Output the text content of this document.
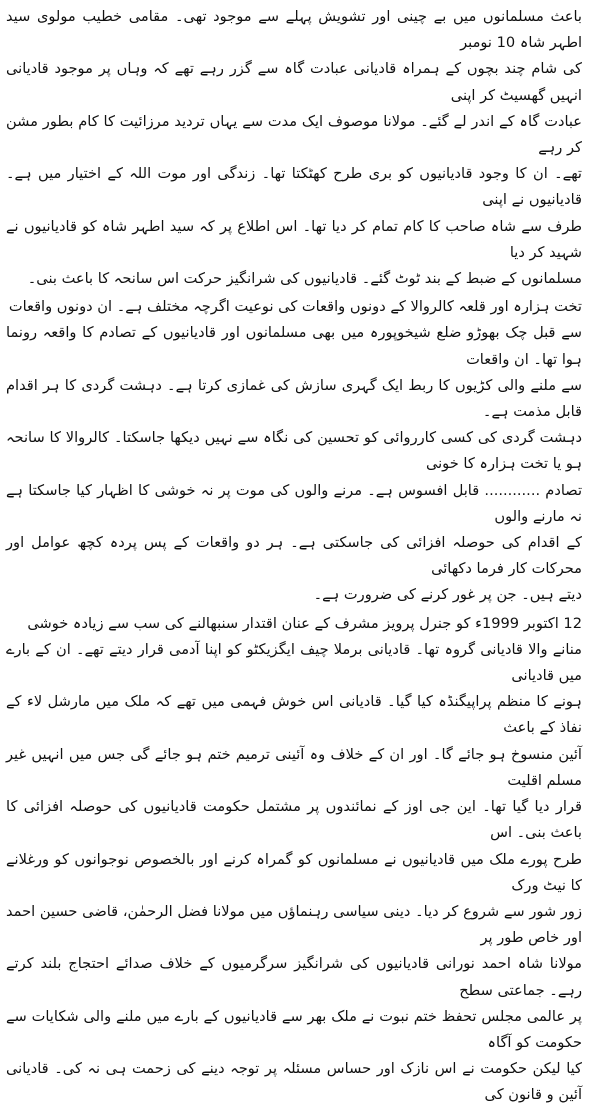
باعث مسلمانوں میں بے چینی اور تشویش پہلے سے موجود تھی۔ مقامی خطیب مولوی سید اطہر شاہ 10 نومبر
کی شام چند بچوں کے ہمراہ قادیانی عبادت گاہ سے گزر رہے تھے کہ وہاں پر موجود قادیانی انہیں گھسیٹ کر اپنی
عبادت گاہ کے اندر لے گئے۔ مولانا موصوف ایک مدت سے یہاں تردید مرزائیت کا کام بطور مشن کر رہے
تھے۔ ان کا وجود قادیانیوں کو بری طرح کھٹکتا تھا۔ زندگی اور موت اللہ کے اختیار میں ہے۔ قادیانیوں نے اپنی
طرف سے شاہ صاحب کا کام تمام کر دیا تھا۔ اس اطلاع پر کہ سید اطہر شاہ کو قادیانیوں نے شہید کر دیا
مسلمانوں کے ضبط کے بند ٹوٹ گئے۔ قادیانیوں کی شرانگیز حرکت اس سانحہ کا باعث بنی۔

تخت ہزارہ اور قلعہ کالروالا کے دونوں واقعات کی نوعیت اگرچہ مختلف ہے۔ ان دونوں واقعات
سے قبل چک بھوڑو ضلع شیخوپورہ میں بھی مسلمانوں اور قادیانیوں کے تصادم کا واقعہ رونما ہوا تھا۔ ان واقعات
سے ملنے والی کڑیوں کا ربط ایک گہری سازش کی غمازی کرتا ہے۔ دہشت گردی کا ہر اقدام قابل مذمت ہے۔
دہشت گردی کی کسی کارروائی کو تحسین کی نگاہ سے نہیں دیکھا جاسکتا۔ کالروالا کا سانحہ ہو یا تخت ہزارہ کا خونی
تصادم ............ قابل افسوس ہے۔ مرنے والوں کی موت پر نہ خوشی کا اظہار کیا جاسکتا ہے نہ مارنے والوں
کے اقدام کی حوصلہ افزائی کی جاسکتی ہے۔ ہر دو واقعات کے پس پردہ کچھ عوامل اور محرکات کار فرما دکھائی
دیتے ہیں۔ جن پر غور کرنے کی ضرورت ہے۔

12 اکتوبر 1999ء کو جنرل پرویز مشرف کے عنان اقتدار سنبھالنے کی سب سے زیادہ خوشی
منانے والا قادیانی گروہ تھا۔ قادیانی برملا چیف ایگزیکٹو کو اپنا آدمی قرار دیتے تھے۔ ان کے بارے میں قادیانی
ہونے کا منظم پراپیگنڈہ کیا گیا۔ قادیانی اس خوش فہمی میں تھے کہ ملک میں مارشل لاء کے نفاذ کے باعث
آئین منسوخ ہو جائے گا۔ اور ان کے خلاف وہ آئینی ترمیم ختم ہو جائے گی جس میں انہیں غیر مسلم اقلیت
قرار دیا گیا تھا۔ این جی اوز کے نمائندوں پر مشتمل حکومت قادیانیوں کی حوصلہ افزائی کا باعث بنی۔ اس
طرح پورے ملک میں قادیانیوں نے مسلمانوں کو گمراہ کرنے اور بالخصوص نوجوانوں کو ورغلانے کا نیٹ ورک
زور شور سے شروع کر دیا۔ دینی سیاسی رہنماؤں میں مولانا فضل الرحمٰن، قاضی حسین احمد اور خاص طور پر
مولانا شاہ احمد نورانی قادیانیوں کی شرانگیز سرگرمیوں کے خلاف صدائے احتجاج بلند کرتے رہے۔ جماعتی سطح
پر عالمی مجلس تحفظ ختم نبوت نے ملک بھر سے قادیانیوں کے بارے میں ملنے والی شکایات سے حکومت کو آگاہ
کیا لیکن حکومت نے اس نازک اور حساس مسئلہ پر توجہ دینے کی زحمت ہی نہ کی۔ قادیانی آئین و قانون کی
